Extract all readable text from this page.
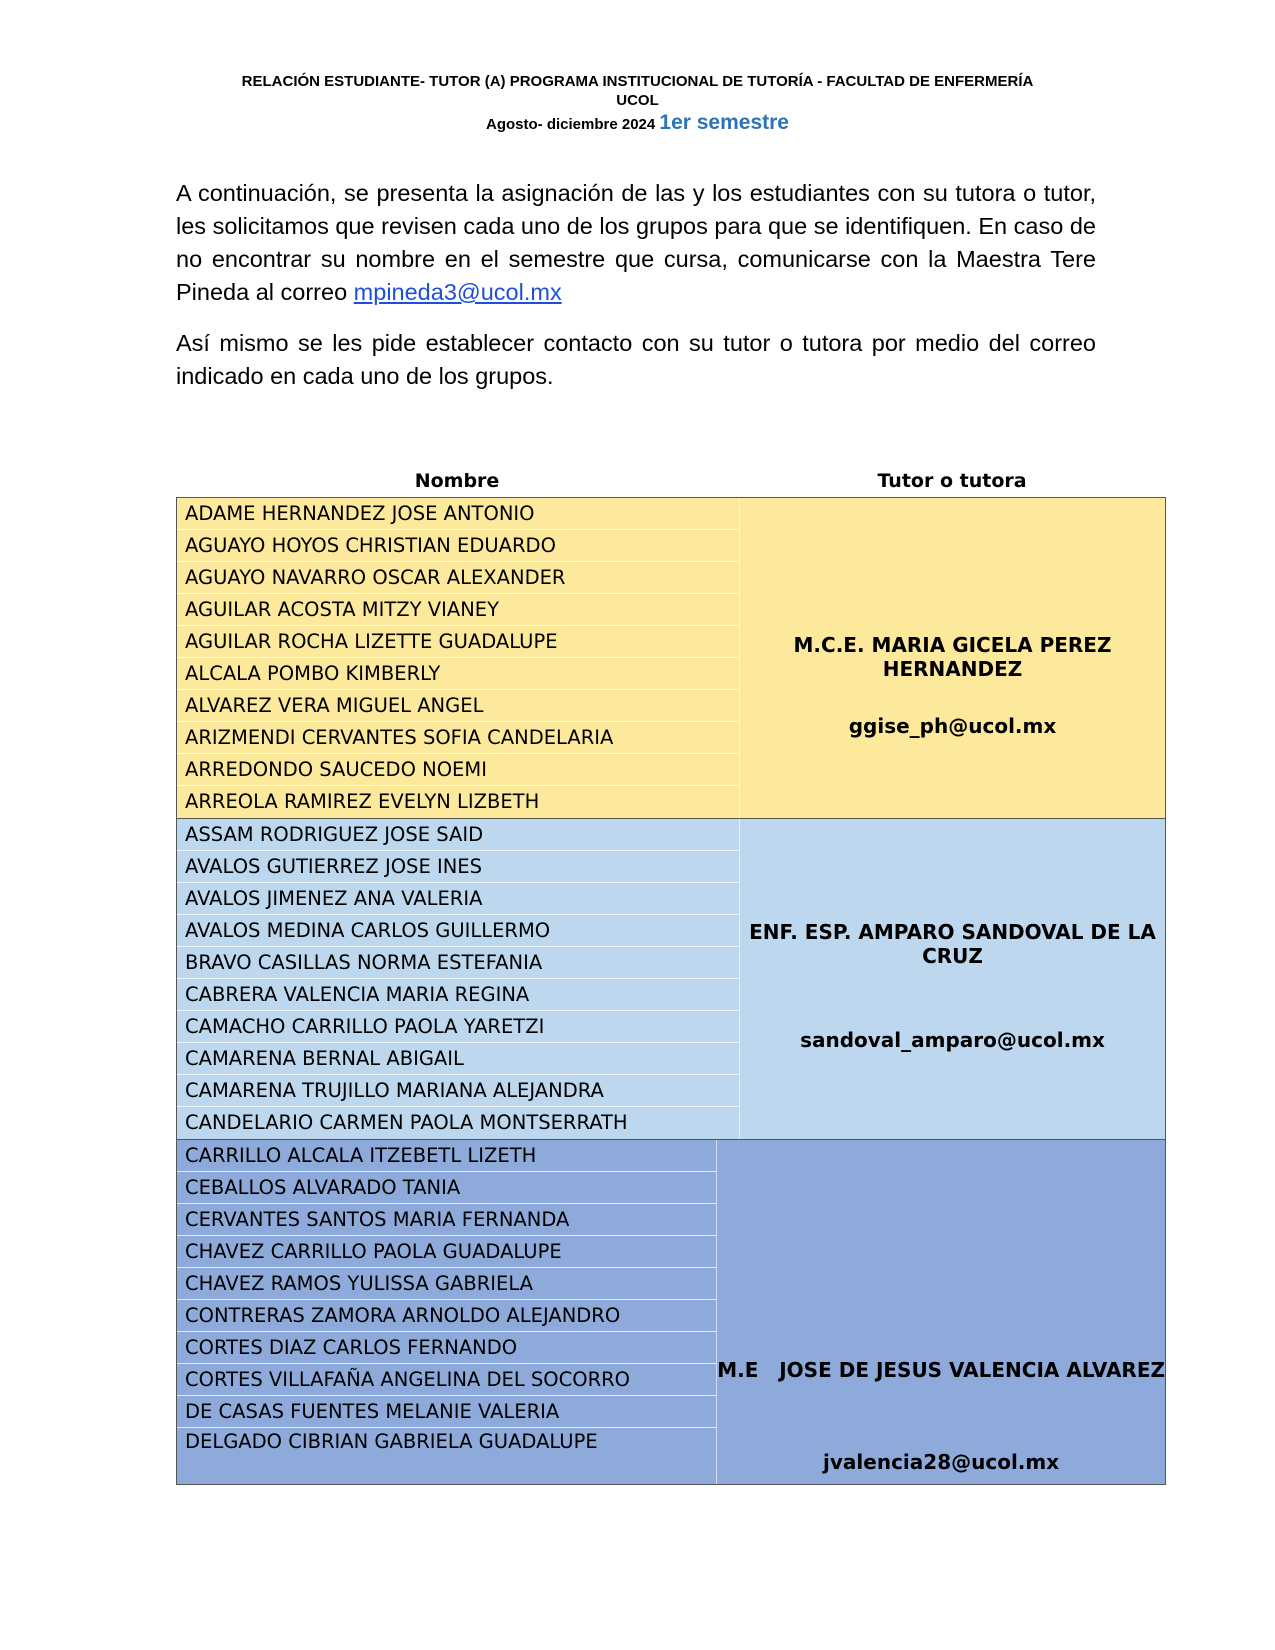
RELACIÓN ESTUDIANTE- TUTOR (A) PROGRAMA INSTITUCIONAL DE TUTORÍA - FACULTAD DE ENFERMERÍA
UCOL
Agosto- diciembre 2024 1er semestre

A continuación, se presenta la asignación de las y los estudiantes con su tutora o tutor, les solicitamos que revisen cada uno de los grupos para que se identifiquen. En caso de no encontrar su nombre en el semestre que cursa, comunicarse con la Maestra Tere Pineda al correo mpineda3@ucol.mx

Así mismo se les pide establecer contacto con su tutor o tutora por medio del correo indicado en cada uno de los grupos.

Nombre	Tutor o tutora
ADAME HERNANDEZ JOSE ANTONIO
AGUAYO HOYOS CHRISTIAN EDUARDO
AGUAYO NAVARRO OSCAR ALEXANDER
AGUILAR ACOSTA MITZY VIANEY
AGUILAR ROCHA LIZETTE GUADALUPE
ALCALA POMBO KIMBERLY
ALVAREZ VERA MIGUEL ANGEL
ARIZMENDI CERVANTES SOFIA CANDELARIA
ARREDONDO SAUCEDO NOEMI
ARREOLA RAMIREZ EVELYN LIZBETH
M.C.E. MARIA GICELA PEREZ HERNANDEZ
ggise_ph@ucol.mx
ASSAM RODRIGUEZ JOSE SAID
AVALOS GUTIERREZ JOSE INES
AVALOS JIMENEZ ANA VALERIA
AVALOS MEDINA CARLOS GUILLERMO
BRAVO CASILLAS NORMA ESTEFANIA
CABRERA VALENCIA MARIA REGINA
CAMACHO CARRILLO PAOLA YARETZI
CAMARENA BERNAL ABIGAIL
CAMARENA TRUJILLO MARIANA ALEJANDRA
CANDELARIO CARMEN PAOLA MONTSERRATH
ENF. ESP. AMPARO SANDOVAL DE LA CRUZ
sandoval_amparo@ucol.mx
CARRILLO ALCALA ITZEBETL LIZETH
CEBALLOS ALVARADO TANIA
CERVANTES SANTOS MARIA FERNANDA
CHAVEZ CARRILLO PAOLA GUADALUPE
CHAVEZ RAMOS YULISSA GABRIELA
CONTRERAS ZAMORA ARNOLDO ALEJANDRO
CORTES DIAZ CARLOS FERNANDO
CORTES VILLAFAÑA ANGELINA DEL SOCORRO
DE CASAS FUENTES MELANIE VALERIA
DELGADO CIBRIAN GABRIELA GUADALUPE
M.E   JOSE DE JESUS VALENCIA ALVAREZ
jvalencia28@ucol.mx
